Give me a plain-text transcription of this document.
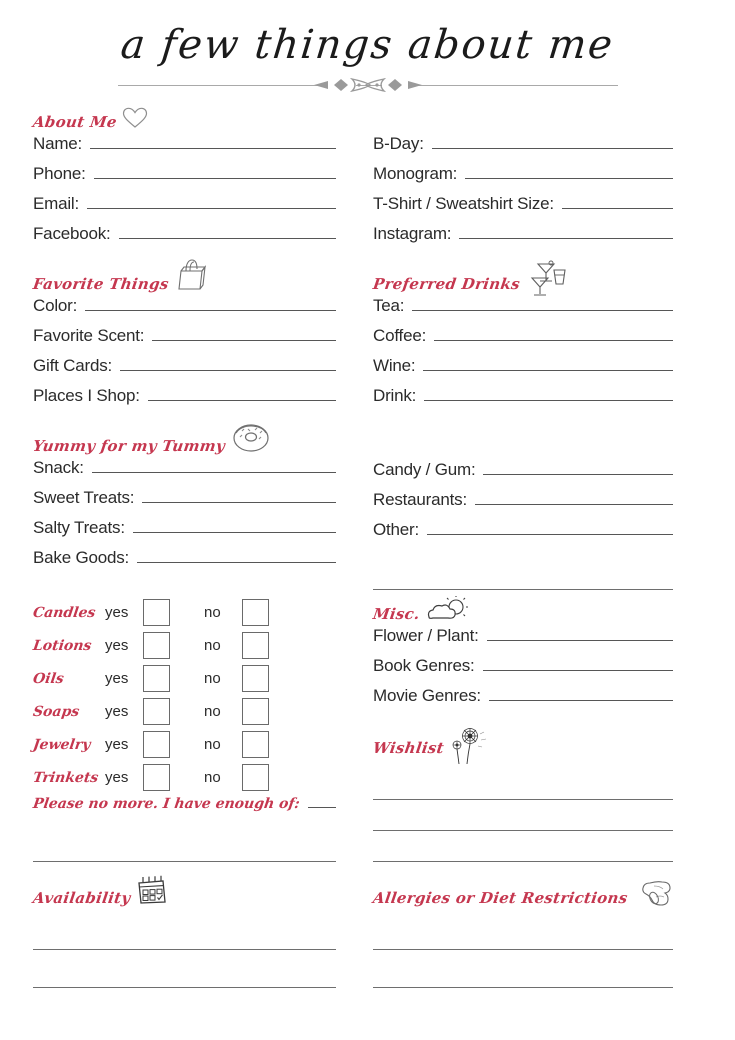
a few things about me
About Me
Name:
Phone:
Email:
Facebook:
Favorite Things
Color:
Favorite Scent:
Gift Cards:
Places I Shop:
Yummy for my Tummy
Snack:
Sweet Treats:
Salty Treats:
Bake Goods:
Candles yes	no
Lotions yes	no
Oils	yes	no
Soaps	yes	no
Jewelry yes	no
Trinkets yes	no
Please no more. I have enough of:
Availability
B-Day:
Monogram:
T-Shirt / Sweatshirt Size:
Instagram:
Preferred Drinks
Tea:
Coffee:
Wine:
Drink:
Candy / Gum:
Restaurants:
Other:
Misc.
Flower / Plant:
Book Genres:
Movie Genres:
Wishlist
Allergies or Diet Restrictions
